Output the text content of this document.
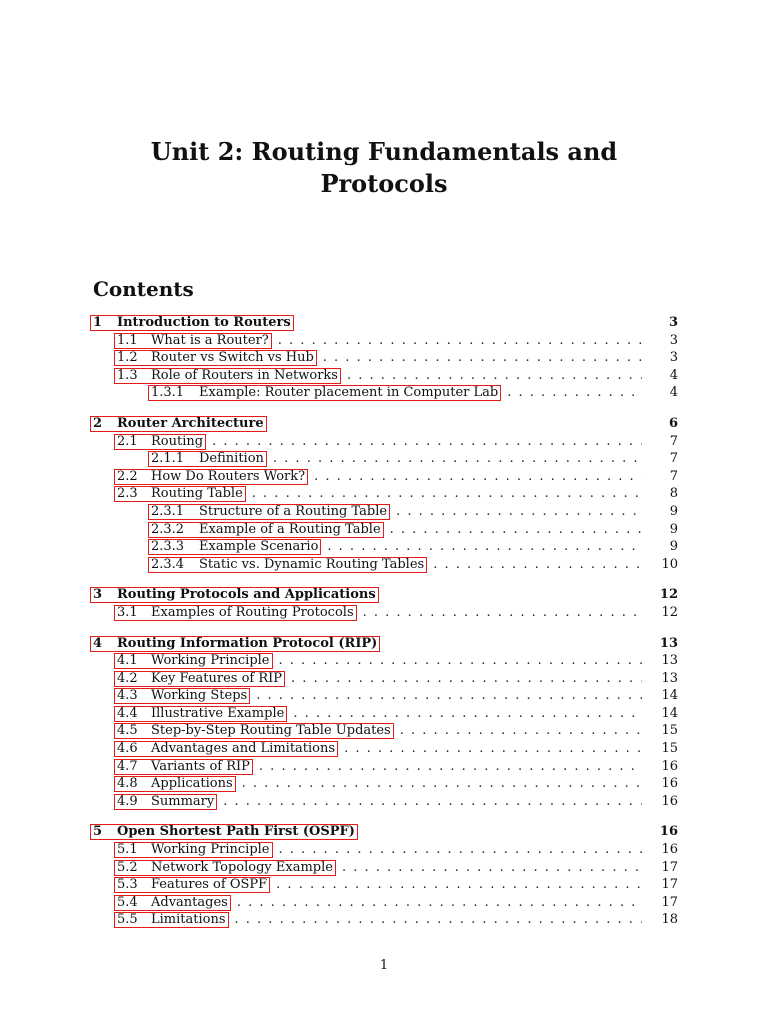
Unit 2: Routing Fundamentals and
Protocols
Contents
1	Introduction to Routers	3
1.1	What is a Router? . . .	3
1.2	Router vs Switch vs Hub . . .	3
1.3	Role of Routers in Networks . . .	4
1.3.1	Example: Router placement in Computer Lab . . .	4
2	Router Architecture	6
2.1	Routing . . .	7
2.1.1	Definition . . .	7
2.2	How Do Routers Work? . . .	7
2.3	Routing Table . . .	8
2.3.1	Structure of a Routing Table . . .	9
2.3.2	Example of a Routing Table . . .	9
2.3.3	Example Scenario . . .	9
2.3.4	Static vs. Dynamic Routing Tables . . .	10
3	Routing Protocols and Applications	12
3.1	Examples of Routing Protocols . . .	12
4	Routing Information Protocol (RIP)	13
4.1	Working Principle . . .	13
4.2	Key Features of RIP . . .	13
4.3	Working Steps . . .	14
4.4	Illustrative Example . . .	14
4.5	Step-by-Step Routing Table Updates . . .	15
4.6	Advantages and Limitations . . .	15
4.7	Variants of RIP . . .	16
4.8	Applications . . .	16
4.9	Summary . . .	16
5	Open Shortest Path First (OSPF)	16
5.1	Working Principle . . .	16
5.2	Network Topology Example . . .	17
5.3	Features of OSPF . . .	17
5.4	Advantages . . .	17
5.5	Limitations . . .	18
1
